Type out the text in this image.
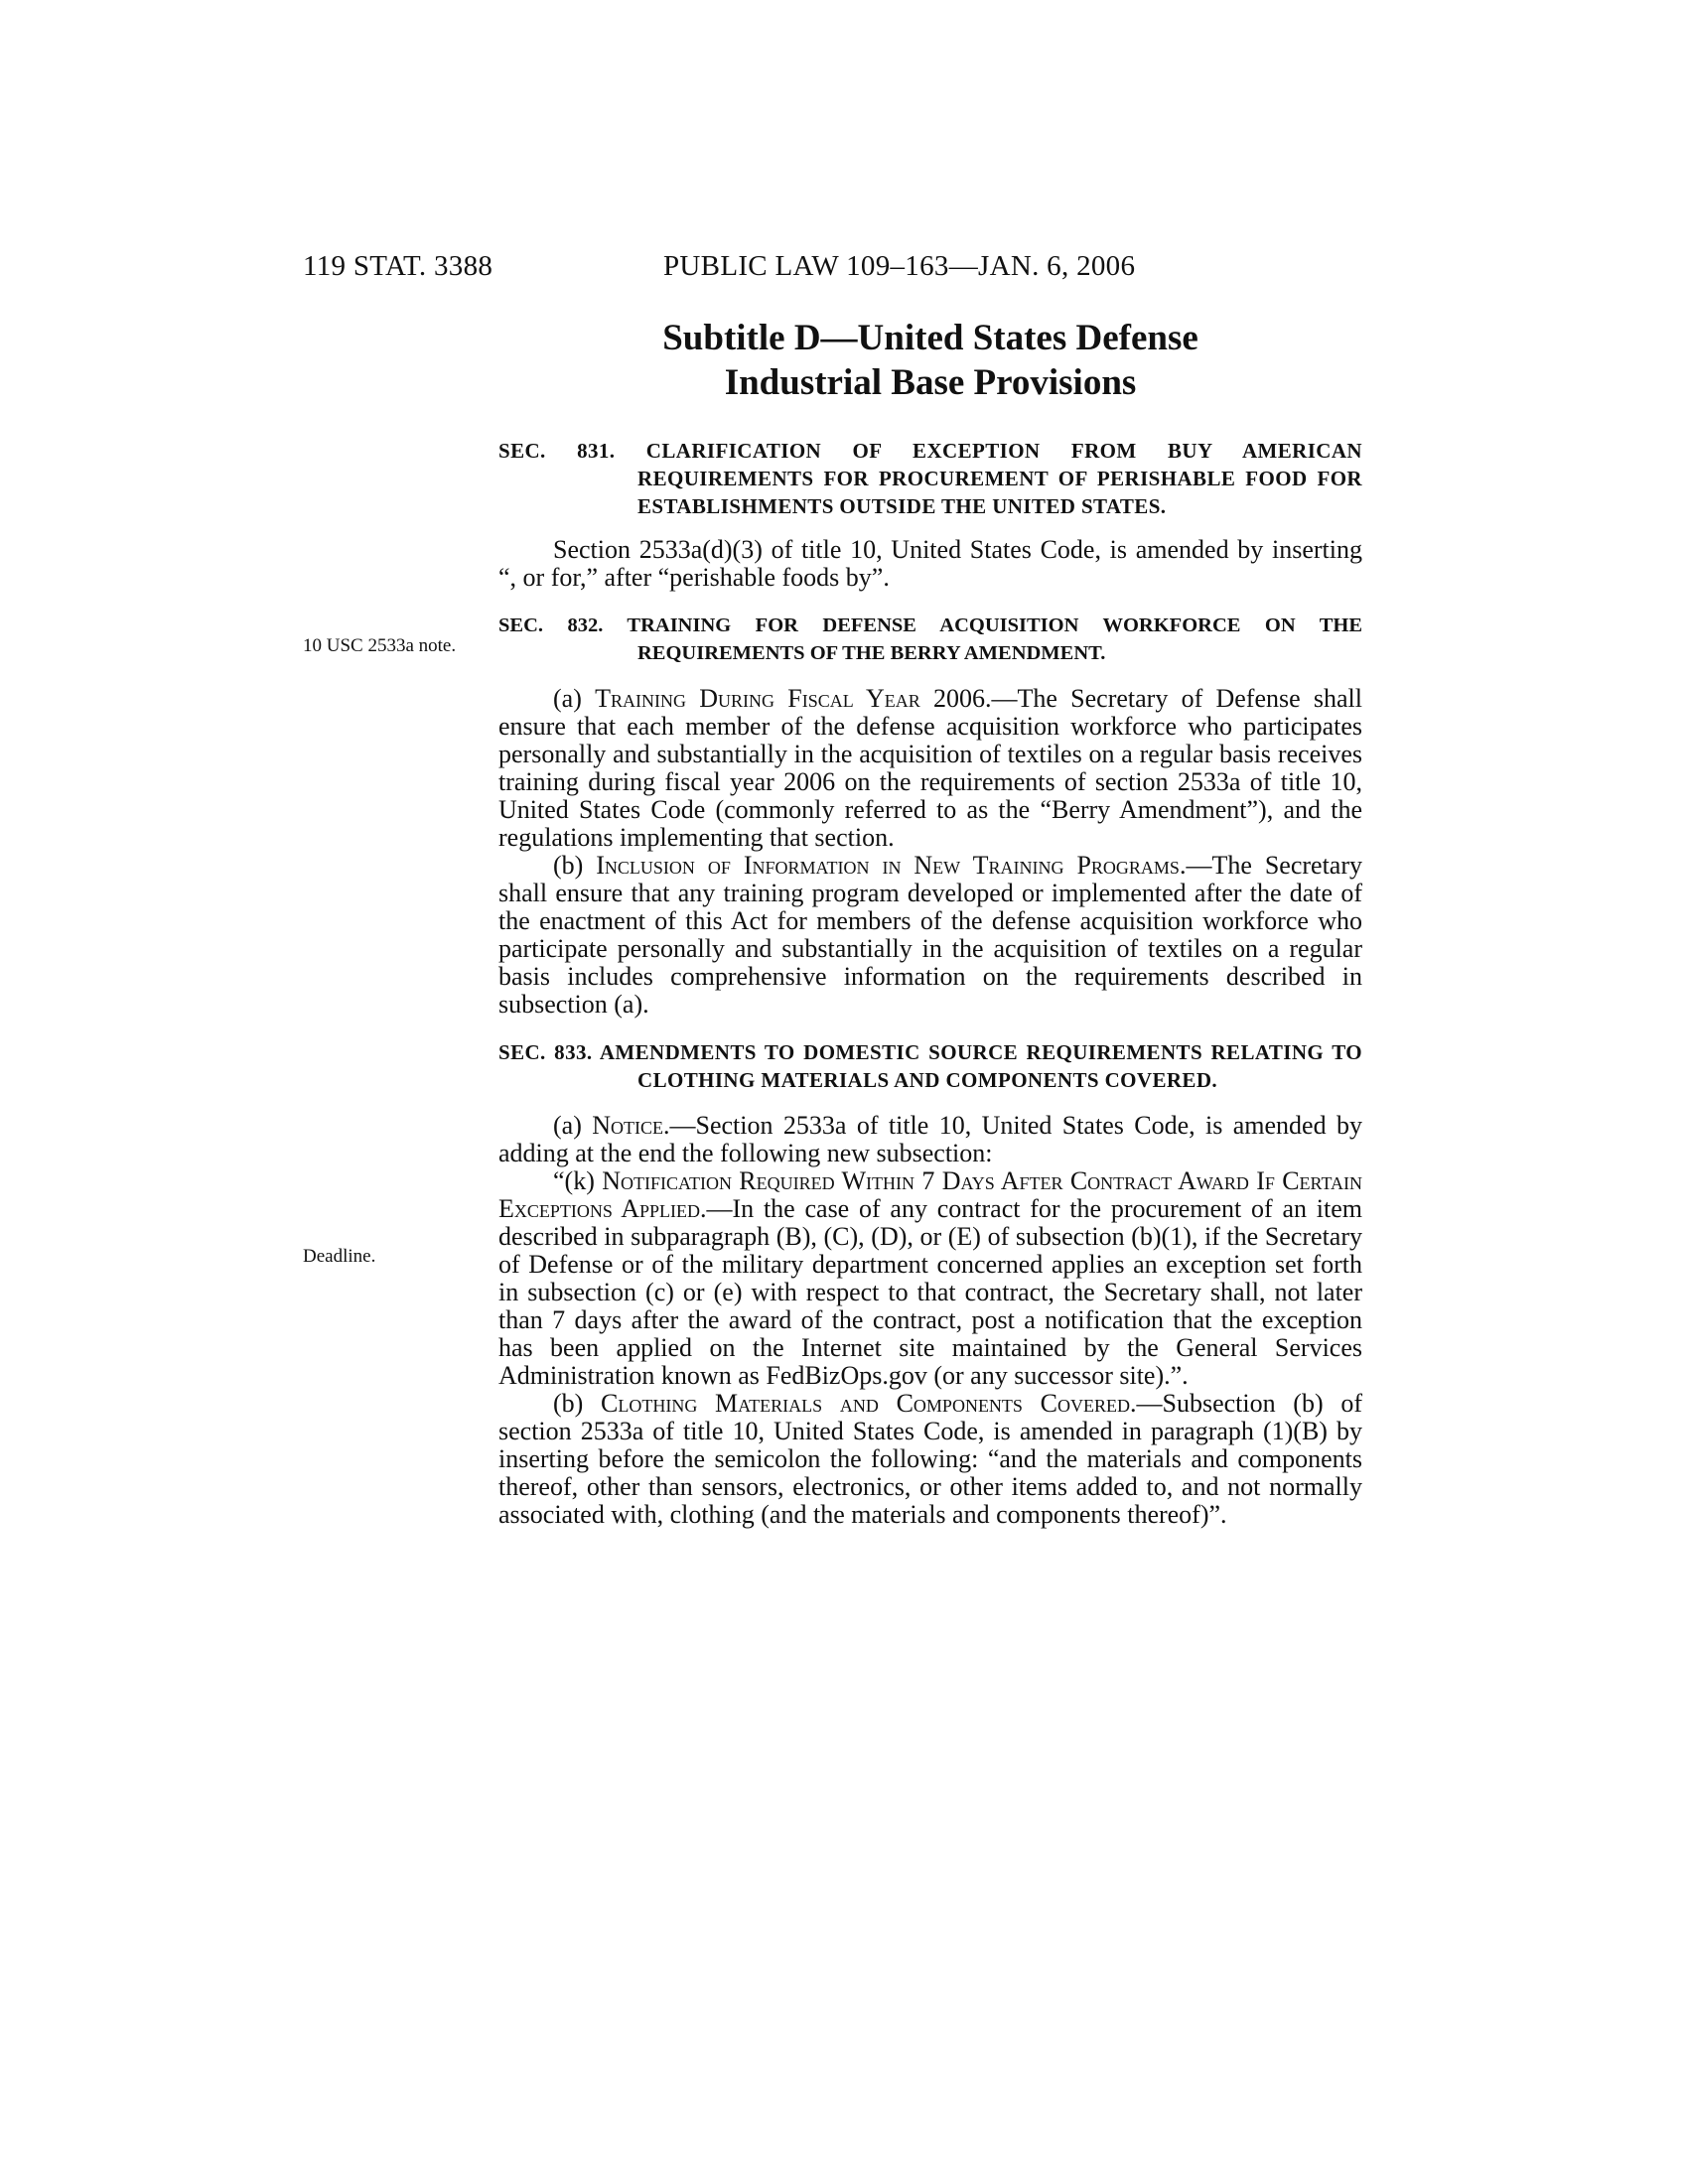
119 STAT. 3388	PUBLIC LAW 109–163—JAN. 6, 2006
Subtitle D—United States Defense
Industrial Base Provisions
10 USC 2533a note.
Deadline.

SEC. 831. CLARIFICATION OF EXCEPTION FROM BUY AMERICAN REQUIREMENTS FOR PROCUREMENT OF PERISHABLE FOOD FOR ESTABLISHMENTS OUTSIDE THE UNITED STATES.

Section 2533a(d)(3) of title 10, United States Code, is amended by inserting “, or for,” after “perishable foods by”.

SEC. 832. TRAINING FOR DEFENSE ACQUISITION WORKFORCE ON THE REQUIREMENTS OF THE BERRY AMENDMENT.

(a) Training During Fiscal Year 2006.—The Secretary of Defense shall ensure that each member of the defense acquisition workforce who participates personally and substantially in the acquisition of textiles on a regular basis receives training during fiscal year 2006 on the requirements of section 2533a of title 10, United States Code (commonly referred to as the “Berry Amendment”), and the regulations implementing that section.

(b) Inclusion of Information in New Training Programs.—The Secretary shall ensure that any training program developed or implemented after the date of the enactment of this Act for members of the defense acquisition workforce who participate personally and substantially in the acquisition of textiles on a regular basis includes comprehensive information on the requirements described in subsection (a).

SEC. 833. AMENDMENTS TO DOMESTIC SOURCE REQUIREMENTS RELATING TO CLOTHING MATERIALS AND COMPONENTS COVERED.

(a) Notice.—Section 2533a of title 10, United States Code, is amended by adding at the end the following new subsection:

“(k) Notification Required Within 7 Days After Contract Award If Certain Exceptions Applied.—In the case of any contract for the procurement of an item described in subparagraph (B), (C), (D), or (E) of subsection (b)(1), if the Secretary of Defense or of the military department concerned applies an exception set forth in subsection (c) or (e) with respect to that contract, the Secretary shall, not later than 7 days after the award of the contract, post a notification that the exception has been applied on the Internet site maintained by the General Services Administration known as FedBizOps.gov (or any successor site).”.

(b) Clothing Materials and Components Covered.—Subsection (b) of section 2533a of title 10, United States Code, is amended in paragraph (1)(B) by inserting before the semicolon the following: “and the materials and components thereof, other than sensors, electronics, or other items added to, and not normally associated with, clothing (and the materials and components thereof)”.
